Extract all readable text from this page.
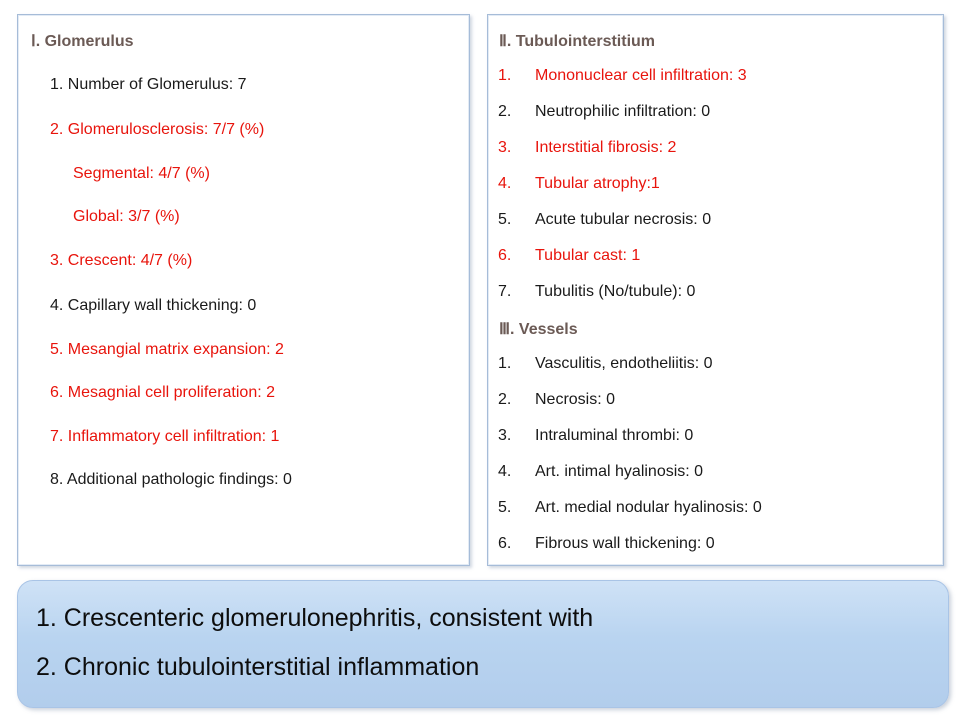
Ⅰ. Glomerulus
1. Number of Glomerulus: 7
2. Glomerulosclerosis: 7/7 (%)
Segmental: 4/7 (%)
Global: 3/7 (%)
3. Crescent: 4/7 (%)
4. Capillary wall thickening: 0
5. Mesangial matrix expansion: 2
6. Mesagnial cell proliferation: 2
7. Inflammatory cell infiltration: 1
8. Additional pathologic findings: 0
Ⅱ. Tubulointerstitium
1. Mononuclear cell infiltration: 3
2. Neutrophilic infiltration: 0
3. Interstitial fibrosis: 2
4. Tubular atrophy:1
5. Acute tubular necrosis: 0
6. Tubular cast: 1
7. Tubulitis (No/tubule): 0
Ⅲ. Vessels
1. Vasculitis, endotheliitis: 0
2. Necrosis: 0
3. Intraluminal thrombi: 0
4. Art. intimal hyalinosis: 0
5. Art. medial nodular hyalinosis: 0
6. Fibrous wall thickening: 0
1. Crescenteric glomerulonephritis, consistent with
2. Chronic tubulointerstitial inflammation
